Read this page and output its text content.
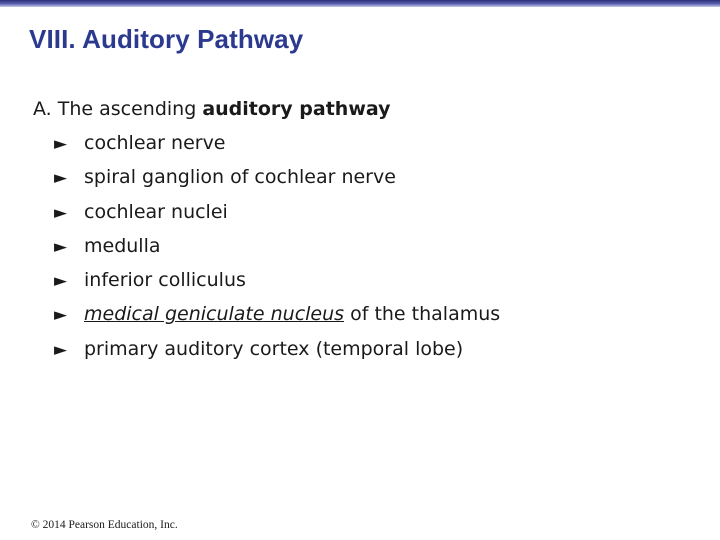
VIII. Auditory Pathway
A. The ascending auditory pathway
► cochlear nerve
► spiral ganglion of cochlear nerve
► cochlear nuclei
► medulla
► inferior colliculus
► medical geniculate nucleus of the thalamus
► primary auditory cortex (temporal lobe)
© 2014 Pearson Education, Inc.
